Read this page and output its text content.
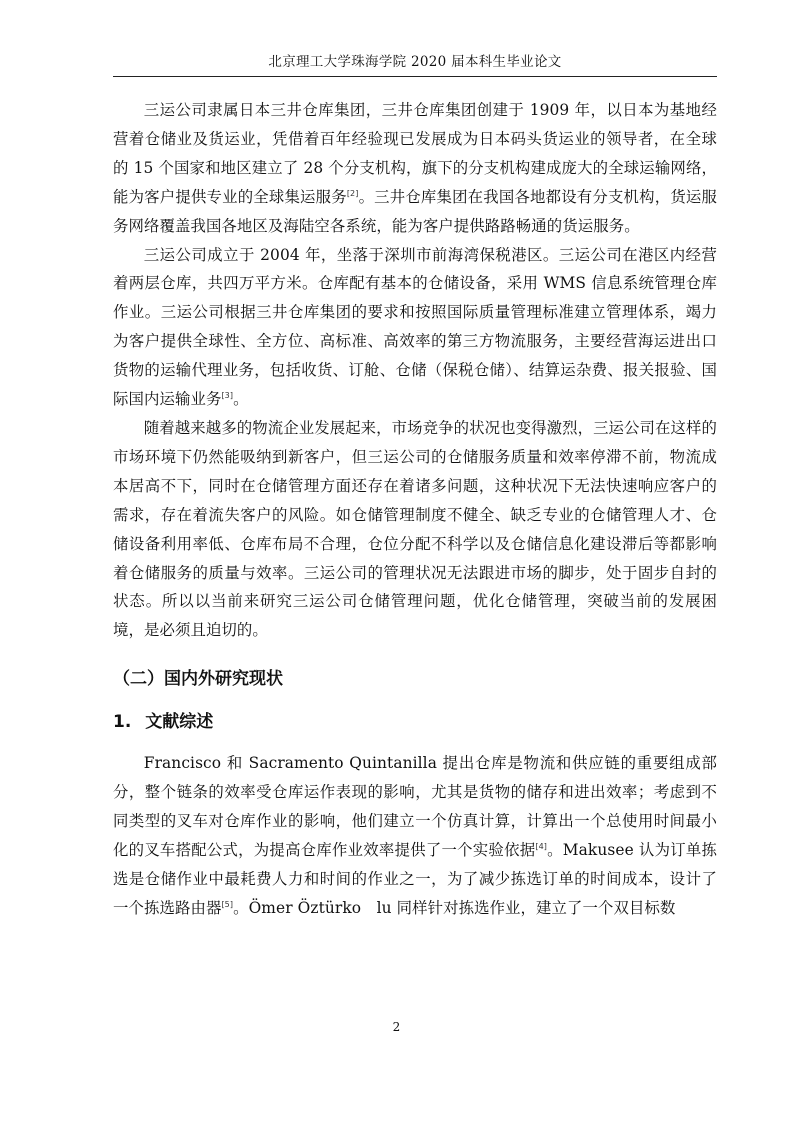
北京理工大学珠海学院 2020 届本科生毕业论文

三运公司隶属日本三井仓库集团，三井仓库集团创建于 1909 年，以日本为基地经营着仓储业及货运业，凭借着百年经验现已发展成为日本码头货运业的领导者，在全球的 15 个国家和地区建立了 28 个分支机构，旗下的分支机构建成庞大的全球运输网络，能为客户提供专业的全球集运服务[2]。三井仓库集团在我国各地都设有分支机构，货运服务网络覆盖我国各地区及海陆空各系统，能为客户提供路路畅通的货运服务。

三运公司成立于 2004 年，坐落于深圳市前海湾保税港区。三运公司在港区内经营着两层仓库，共四万平方米。仓库配有基本的仓储设备，采用 WMS 信息系统管理仓库作业。三运公司根据三井仓库集团的要求和按照国际质量管理标准建立管理体系，竭力为客户提供全球性、全方位、高标准、高效率的第三方物流服务，主要经营海运进出口货物的运输代理业务，包括收货、订舱、仓储（保税仓储）、结算运杂费、报关报验、国际国内运输业务[3]。

随着越来越多的物流企业发展起来，市场竞争的状况也变得激烈，三运公司在这样的市场环境下仍然能吸纳到新客户，但三运公司的仓储服务质量和效率停滞不前，物流成本居高不下，同时在仓储管理方面还存在着诸多问题，这种状况下无法快速响应客户的需求，存在着流失客户的风险。如仓储管理制度不健全、缺乏专业的仓储管理人才、仓储设备利用率低、仓库布局不合理，仓位分配不科学以及仓储信息化建设滞后等都影响着仓储服务的质量与效率。三运公司的管理状况无法跟进市场的脚步，处于固步自封的状态。所以以当前来研究三运公司仓储管理问题，优化仓储管理，突破当前的发展困境，是必须且迫切的。

（二）国内外研究现状
1. 文献综述

Francisco 和 Sacramento Quintanilla 提出仓库是物流和供应链的重要组成部分，整个链条的效率受仓库运作表现的影响，尤其是货物的储存和进出效率；考虑到不同类型的叉车对仓库作业的影响，他们建立一个仿真计算，计算出一个总使用时间最小化的叉车搭配公式，为提高仓库作业效率提供了一个实验依据[4]。Makusee 认为订单拣选是仓储作业中最耗费人力和时间的作业之一，为了减少拣选订单的时间成本，设计了一个拣选路由器[5]。Ömer Öztürko　lu 同样针对拣选作业，建立了一个双目标数

2
